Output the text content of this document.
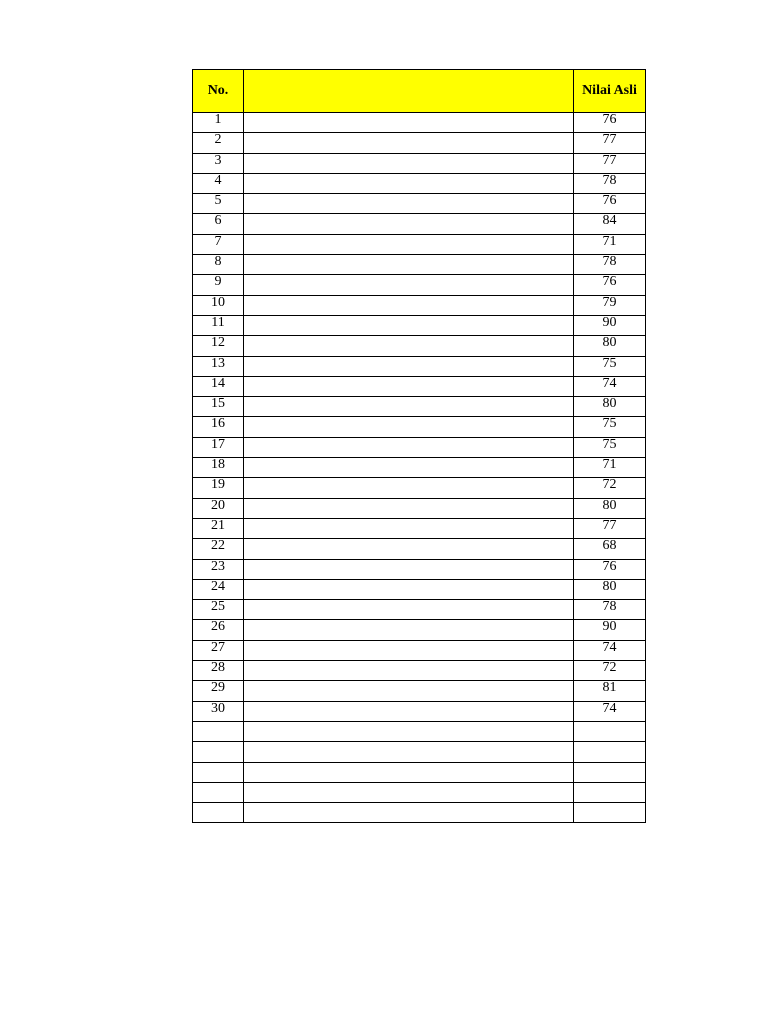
No.		Nilai Asli
1		76
2		77
3		77
4		78
5		76
6		84
7		71
8		78
9		76
10		79
11		90
12		80
13		75
14		74
15		80
16		75
17		75
18		71
19		72
20		80
21		77
22		68
23		76
24		80
25		78
26		90
27		74
28		72
29		81
30		74
